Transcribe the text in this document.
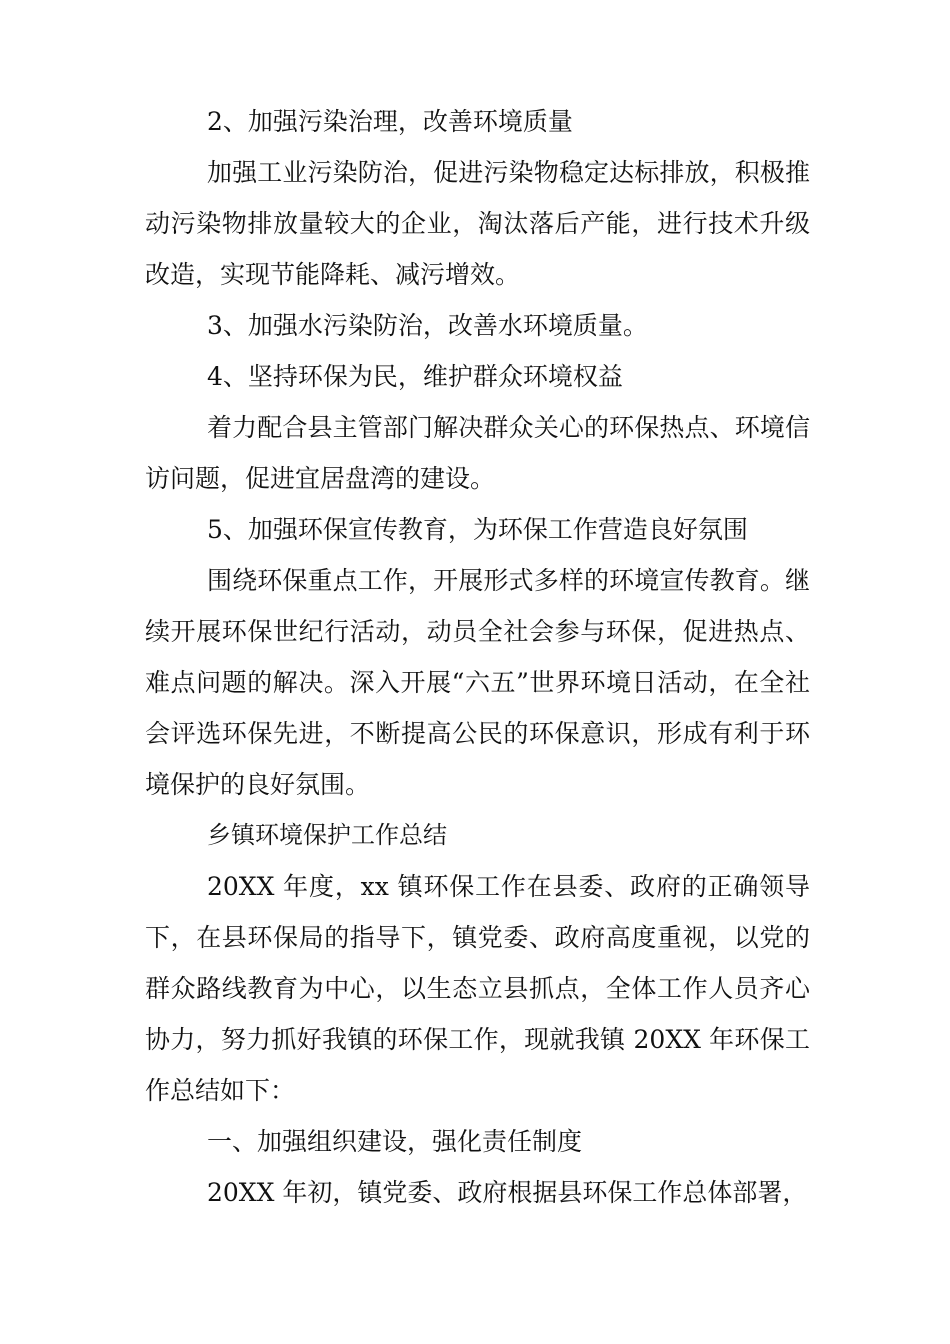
2、加强污染治理，改善环境质量

加强工业污染防治，促进污染物稳定达标排放，积极推动污染物排放量较大的企业，淘汰落后产能，进行技术升级改造，实现节能降耗、减污增效。

3、加强水污染防治，改善水环境质量。

4、坚持环保为民，维护群众环境权益

着力配合县主管部门解决群众关心的环保热点、环境信访问题，促进宜居盘湾的建设。

5、加强环保宣传教育，为环保工作营造良好氛围

围绕环保重点工作，开展形式多样的环境宣传教育。继续开展环保世纪行活动，动员全社会参与环保，促进热点、难点问题的解决。深入开展“六五”世界环境日活动，在全社会评选环保先进，不断提高公民的环保意识，形成有利于环境保护的良好氛围。

乡镇环境保护工作总结

20XX 年度，xx 镇环保工作在县委、政府的正确领导下，在县环保局的指导下，镇党委、政府高度重视，以党的群众路线教育为中心，以生态立县抓点，全体工作人员齐心协力，努力抓好我镇的环保工作，现就我镇 20XX 年环保工作总结如下：

一、加强组织建设，强化责任制度

20XX 年初，镇党委、政府根据县环保工作总体部署，
